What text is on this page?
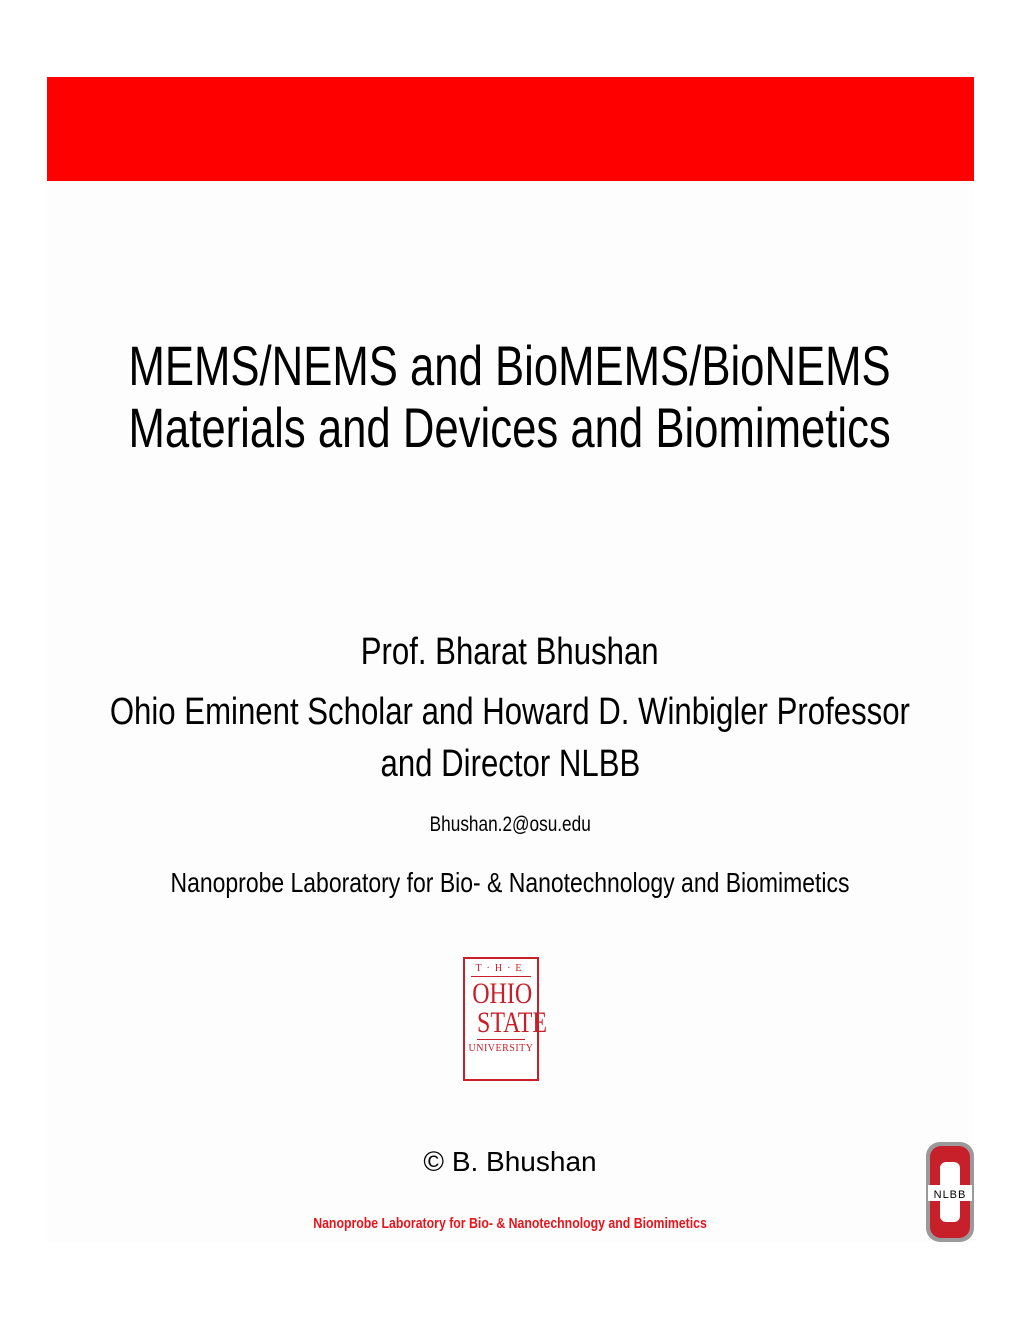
MEMS/NEMS and BioMEMS/BioNEMS
Materials and Devices and Biomimetics
Prof. Bharat Bhushan
Ohio Eminent Scholar and Howard D. Winbigler Professor
and Director NLBB
Bhushan.2@osu.edu
Nanoprobe Laboratory for Bio- & Nanotechnology and Biomimetics
T·H·E
OHIO
STATE
UNIVERSITY
© B. Bhushan
Nanoprobe Laboratory for Bio- & Nanotechnology and Biomimetics
NLBB
